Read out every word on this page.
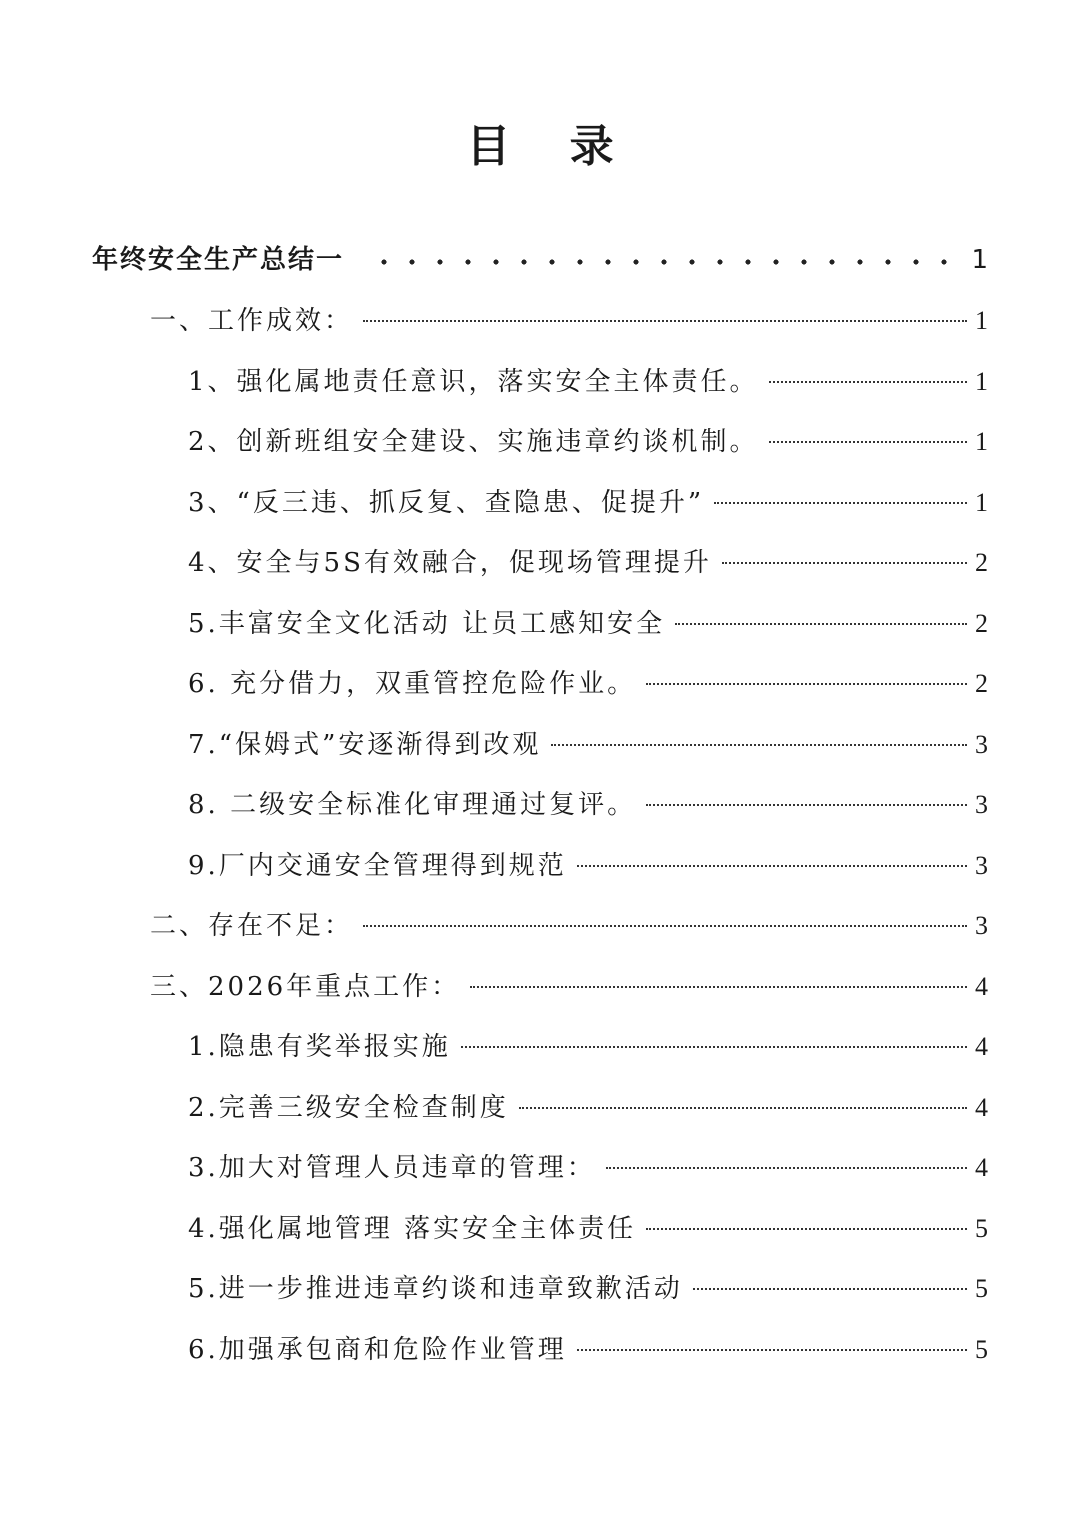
目 录
年终安全生产总结一	1
一、工作成效：	1
1、强化属地责任意识，落实安全主体责任。	1
2、创新班组安全建设、实施违章约谈机制。	1
3、“反三违、抓反复、查隐患、促提升”	1
4、安全与5S有效融合，促现场管理提升	2
5.丰富安全文化活动 让员工感知安全	2
6. 充分借力，双重管控危险作业。	2
7.“保姆式”安逐渐得到改观	3
8. 二级安全标准化审理通过复评。	3
9.厂内交通安全管理得到规范	3
二、存在不足：	3
三、2026年重点工作：	4
1.隐患有奖举报实施	4
2.完善三级安全检查制度	4
3.加大对管理人员违章的管理：	4
4.强化属地管理 落实安全主体责任	5
5.进一步推进违章约谈和违章致歉活动	5
6.加强承包商和危险作业管理	5
